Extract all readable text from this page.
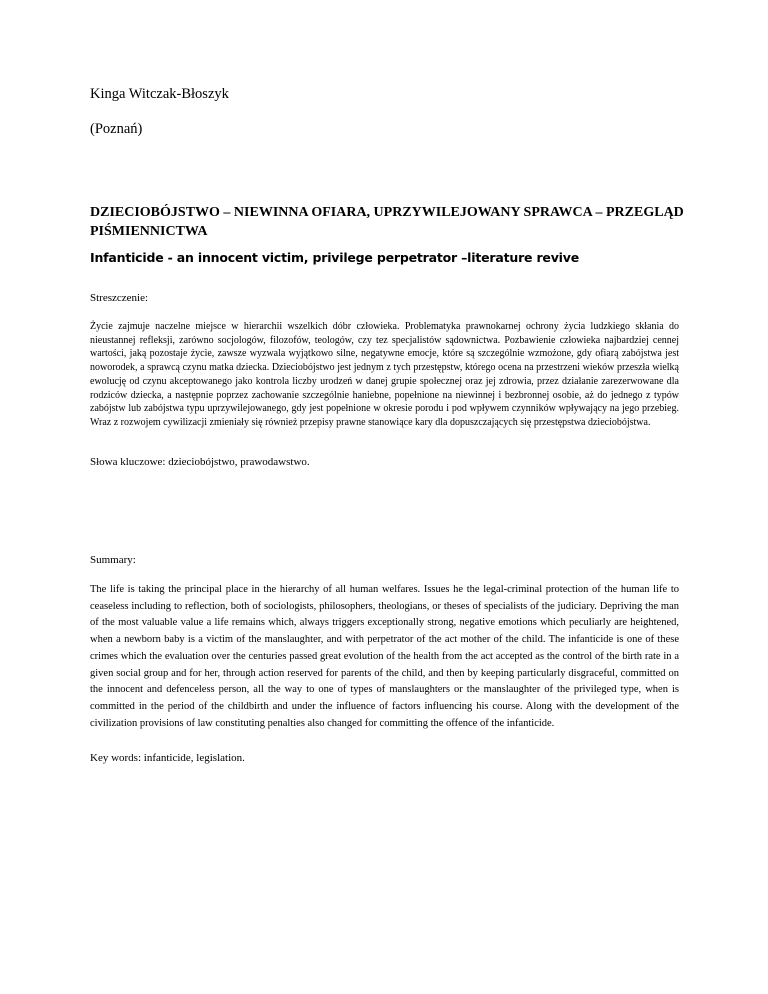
Kinga Witczak-Błoszyk
(Poznań)
DZIECIOBÓJSTWO – NIEWINNA OFIARA, UPRZYWILEJOWANY SPRAWCA – PRZEGLĄD PIŚMIENNICTWA
Infanticide - an innocent victim, privilege perpetrator –literature revive
Streszczenie:
Życie zajmuje naczelne miejsce w hierarchii wszelkich dóbr człowieka. Problematyka prawnokarnej ochrony życia ludzkiego skłania do nieustannej refleksji, zarówno socjologów, filozofów, teologów, czy tez specjalistów sądownictwa. Pozbawienie człowieka najbardziej cennej wartości, jaką pozostaje życie, zawsze wyzwala wyjątkowo silne, negatywne emocje, które są szczególnie wzmożone, gdy ofiarą zabójstwa jest noworodek, a sprawcą czynu matka dziecka. Dzieciobójstwo jest jednym z tych przestępstw, którego ocena na przestrzeni wieków przeszła wielką ewolucję od czynu akceptowanego jako kontrola liczby urodzeń w danej grupie społecznej oraz jej zdrowia, przez działanie zarezerwowane dla rodziców dziecka, a następnie poprzez zachowanie szczególnie haniebne, popełnione na niewinnej i bezbronnej osobie, aż do jednego z typów zabójstw lub zabójstwa typu uprzywilejowanego, gdy jest popełnione w okresie porodu i pod wpływem czynników wpływający na jego przebieg. Wraz z rozwojem cywilizacji zmieniały się również przepisy prawne stanowiące kary dla dopuszczających się przestępstwa dzieciobójstwa.
Słowa kluczowe: dzieciobójstwo, prawodawstwo.
Summary:
The life is taking the principal place in the hierarchy of all human welfares. Issues he the legal-criminal protection of the human life to ceaseless including to reflection, both of sociologists, philosophers, theologians, or theses of specialists of the judiciary. Depriving the man of the most valuable value a life remains which, always triggers exceptionally strong, negative emotions which peculiarly are heightened, when a newborn baby is a victim of the manslaughter, and with perpetrator of the act mother of the child. The infanticide is one of these crimes which the evaluation over the centuries passed great evolution of the health from the act accepted as the control of the birth rate in a given social group and for her, through action reserved for parents of the child, and then by keeping particularly disgraceful, committed on the innocent and defenceless person, all the way to one of types of manslaughters or the manslaughter of the privileged type, when is committed in the period of the childbirth and under the influence of factors influencing his course. Along with the development of the civilization provisions of law constituting penalties also changed for committing the offence of the infanticide.
Key words: infanticide, legislation.
